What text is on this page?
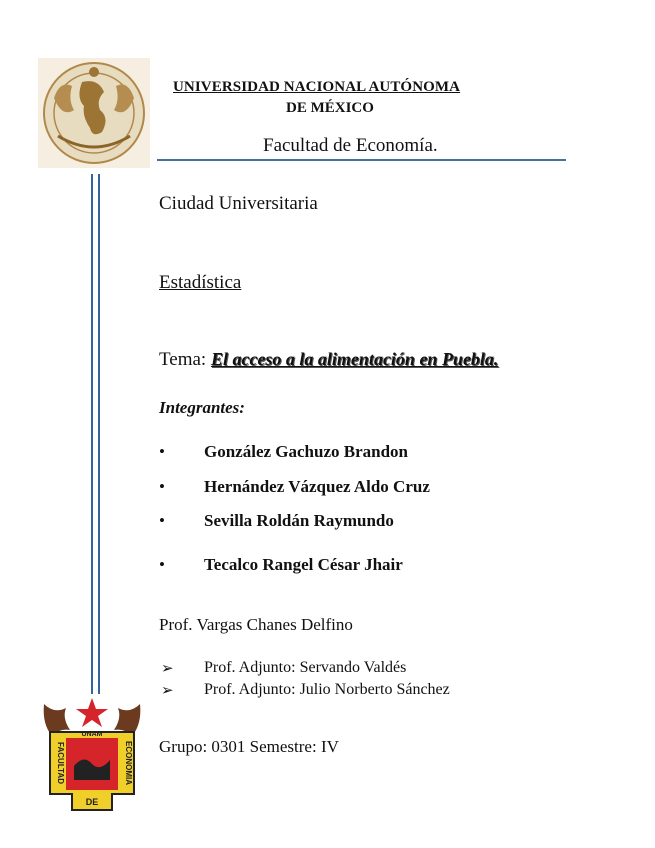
UNIVERSIDAD NACIONAL AUTÓNOMA
DE MÉXICO
Facultad de Economía.
Ciudad Universitaria
Estadística
Tema: El acceso a la alimentación en Puebla.
Integrantes:
• González Gachuzo Brandon
• Hernández Vázquez Aldo Cruz
• Sevilla Roldán Raymundo
• Tecalco Rangel César Jhair
Prof. Vargas Chanes Delfino
➢ Prof. Adjunto: Servando Valdés
➢ Prof. Adjunto: Julio Norberto Sánchez
Grupo: 0301 Semestre: IV
UNAM
FACULTAD	ECONOMIA
DE
